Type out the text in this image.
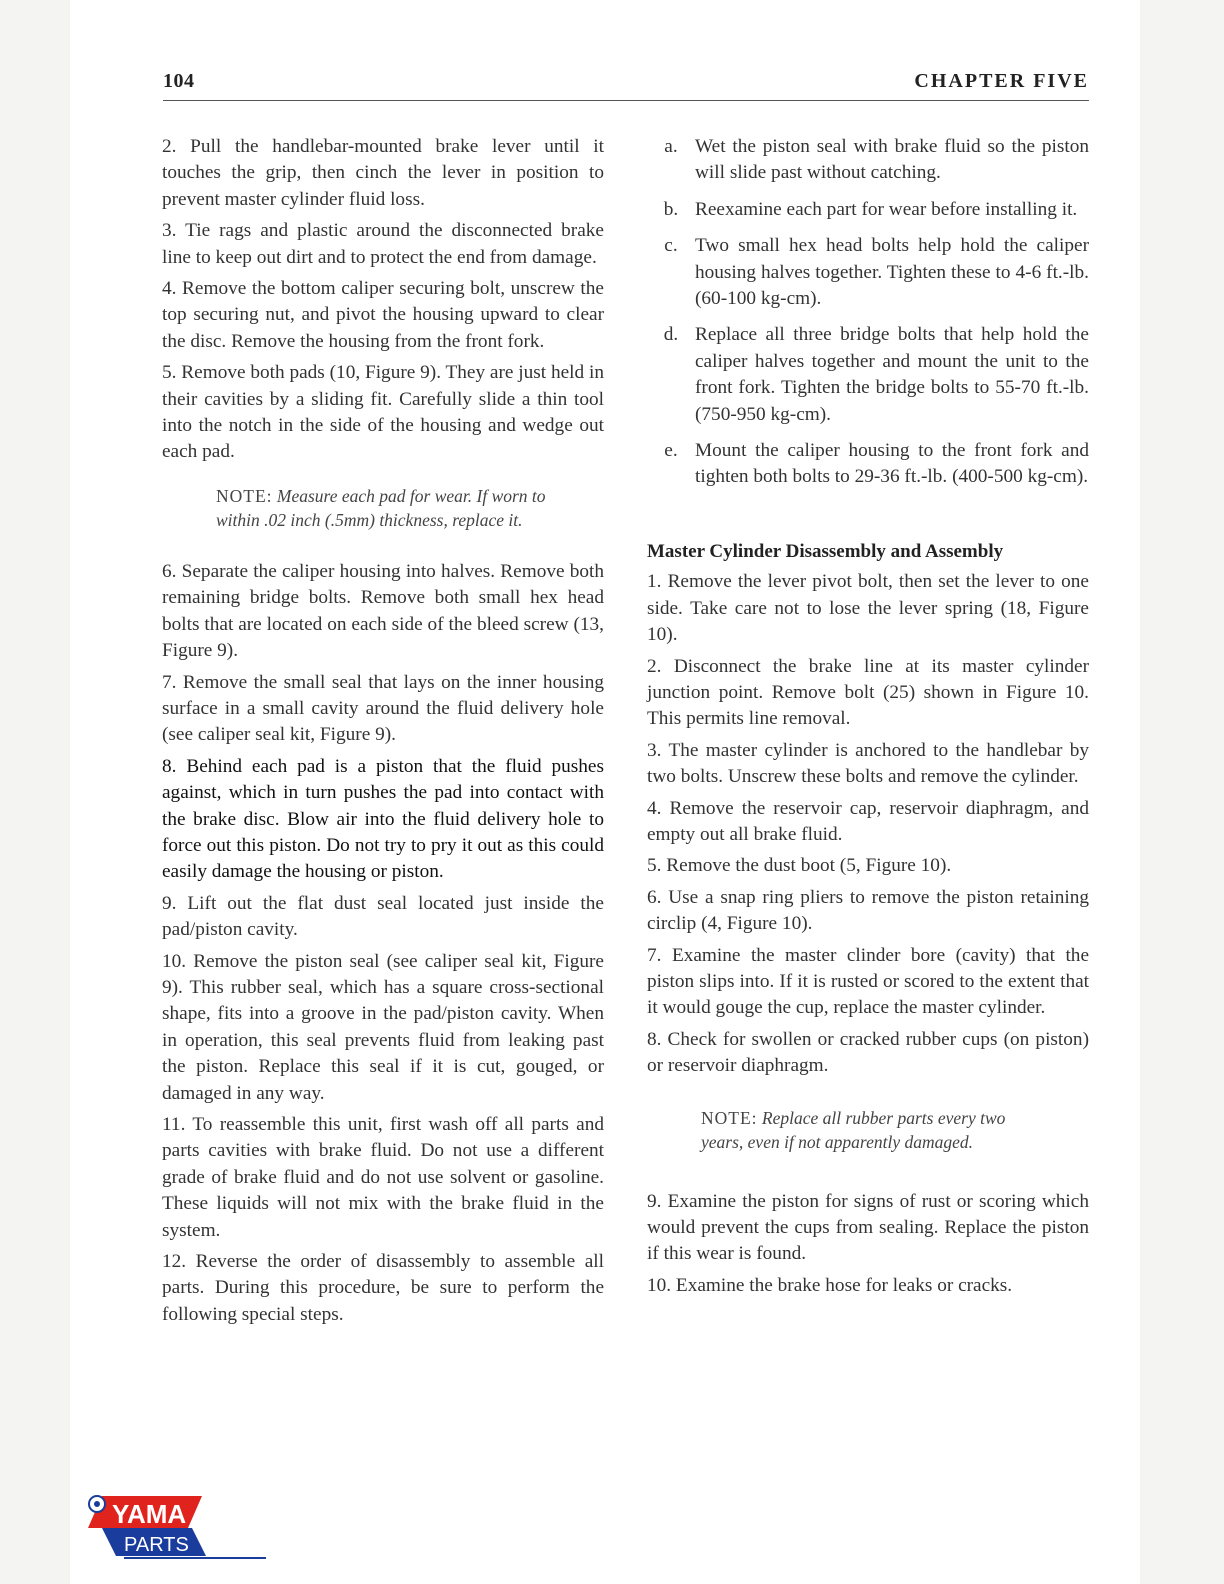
104	CHAPTER FIVE

2. Pull the handlebar-mounted brake lever until it touches the grip, then cinch the lever in position to prevent master cylinder fluid loss.

3. Tie rags and plastic around the disconnected brake line to keep out dirt and to protect the end from damage.

4. Remove the bottom caliper securing bolt, unscrew the top securing nut, and pivot the housing upward to clear the disc. Remove the housing from the front fork.

5. Remove both pads (10, Figure 9). They are just held in their cavities by a sliding fit. Carefully slide a thin tool into the notch in the side of the housing and wedge out each pad.

NOTE: Measure each pad for wear. If worn to within .02 inch (.5mm) thickness, replace it.

6. Separate the caliper housing into halves. Remove both remaining bridge bolts. Remove both small hex head bolts that are located on each side of the bleed screw (13, Figure 9).

7. Remove the small seal that lays on the inner housing surface in a small cavity around the fluid delivery hole (see caliper seal kit, Figure 9).

8. Behind each pad is a piston that the fluid pushes against, which in turn pushes the pad into contact with the brake disc. Blow air into the fluid delivery hole to force out this piston. Do not try to pry it out as this could easily damage the housing or piston.

9. Lift out the flat dust seal located just inside the pad/piston cavity.

10. Remove the piston seal (see caliper seal kit, Figure 9). This rubber seal, which has a square cross-sectional shape, fits into a groove in the pad/piston cavity. When in operation, this seal prevents fluid from leaking past the piston. Replace this seal if it is cut, gouged, or damaged in any way.

11. To reassemble this unit, first wash off all parts and parts cavities with brake fluid. Do not use a different grade of brake fluid and do not use solvent or gasoline. These liquids will not mix with the brake fluid in the system.

12. Reverse the order of disassembly to assemble all parts. During this procedure, be sure to perform the following special steps.

a. Wet the piston seal with brake fluid so the piston will slide past without catching.
b. Reexamine each part for wear before installing it.
c. Two small hex head bolts help hold the caliper housing halves together. Tighten these to 4-6 ft.-lb. (60-100 kg-cm).
d. Replace all three bridge bolts that help hold the caliper halves together and mount the unit to the front fork. Tighten the bridge bolts to 55-70 ft.-lb. (750-950 kg-cm).
e. Mount the caliper housing to the front fork and tighten both bolts to 29-36 ft.-lb. (400-500 kg-cm).
Master Cylinder Disassembly and Assembly

1. Remove the lever pivot bolt, then set the lever to one side. Take care not to lose the lever spring (18, Figure 10).

2. Disconnect the brake line at its master cylinder junction point. Remove bolt (25) shown in Figure 10. This permits line removal.

3. The master cylinder is anchored to the handlebar by two bolts. Unscrew these bolts and remove the cylinder.

4. Remove the reservoir cap, reservoir diaphragm, and empty out all brake fluid.

5. Remove the dust boot (5, Figure 10).

6. Use a snap ring pliers to remove the piston retaining circlip (4, Figure 10).

7. Examine the master clinder bore (cavity) that the piston slips into. If it is rusted or scored to the extent that it would gouge the cup, replace the master cylinder.

8. Check for swollen or cracked rubber cups (on piston) or reservoir diaphragm.

NOTE: Replace all rubber parts every two years, even if not apparently damaged.

9. Examine the piston for signs of rust or scoring which would prevent the cups from sealing. Replace the piston if this wear is found.

10. Examine the brake hose for leaks or cracks.

YAMA
PARTS
